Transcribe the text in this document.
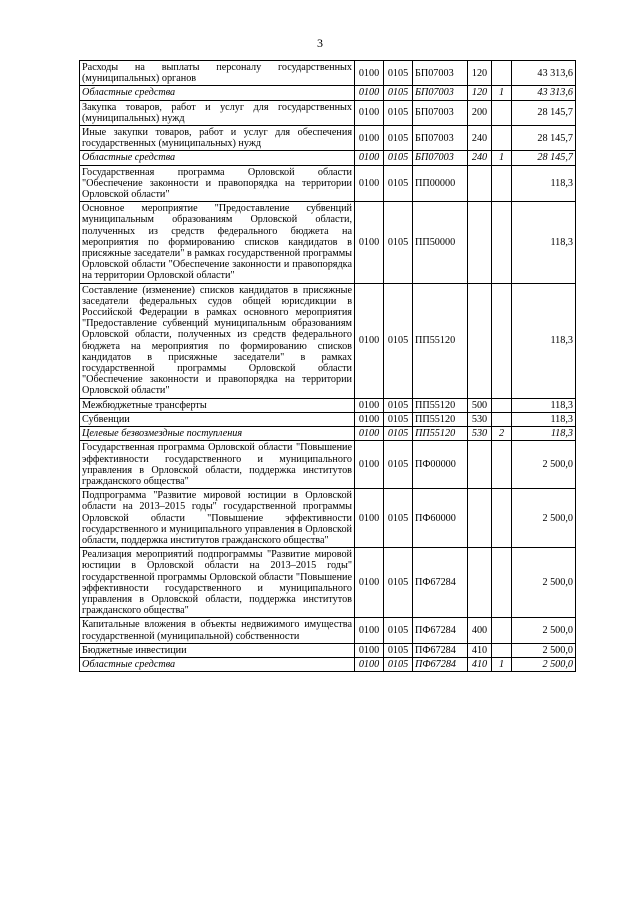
3
Расходы на выплаты персоналу государственных (муниципальных) органов	0100	0105	БП07003	120		43 313,6
Областные средства	0100	0105	БП07003	120	1	43 313,6
Закупка товаров, работ и услуг для государственных (муниципальных) нужд	0100	0105	БП07003	200		28 145,7
Иные закупки товаров, работ и услуг для обеспечения государственных (муниципальных) нужд	0100	0105	БП07003	240		28 145,7
Областные средства	0100	0105	БП07003	240	1	28 145,7
Государственная программа Орловской области "Обеспечение законности и правопорядка на территории Орловской области"	0100	0105	ПП00000			118,3
Основное мероприятие "Предоставление субвенций муниципальным образованиям Орловской области, полученных из средств федерального бюджета на мероприятия по формированию списков кандидатов в присяжные заседатели" в рамках государственной программы Орловской области "Обеспечение законности и правопорядка на территории Орловской области"	0100	0105	ПП50000			118,3
Составление (изменение) списков кандидатов в присяжные заседатели федеральных судов общей юрисдикции в Российской Федерации в рамках основного мероприятия "Предоставление субвенций муниципальным образованиям Орловской области, полученных из средств федерального бюджета на мероприятия по формированию списков кандидатов в присяжные заседатели" в рамках государственной программы Орловской области "Обеспечение законности и правопорядка на территории Орловской области"	0100	0105	ПП55120			118,3
Межбюджетные трансферты	0100	0105	ПП55120	500		118,3
Субвенции	0100	0105	ПП55120	530		118,3
Целевые безвозмездные поступления	0100	0105	ПП55120	530	2	118,3
Государственная программа Орловской области "Повышение эффективности государственного и муниципального управления в Орловской области, поддержка институтов гражданского общества"	0100	0105	ПФ00000			2 500,0
Подпрограмма "Развитие мировой юстиции в Орловской области на 2013–2015 годы" государственной программы Орловской области "Повышение эффективности государственного и муниципального управления в Орловской области, поддержка институтов гражданского общества"	0100	0105	ПФ60000			2 500,0
Реализация мероприятий подпрограммы "Развитие мировой юстиции в Орловской области на 2013–2015 годы" государственной программы Орловской области "Повышение эффективности государственного и муниципального управления в Орловской области, поддержка институтов гражданского общества"	0100	0105	ПФ67284			2 500,0
Капитальные вложения в объекты недвижимого имущества государственной (муниципальной) собственности	0100	0105	ПФ67284	400		2 500,0
Бюджетные инвестиции	0100	0105	ПФ67284	410		2 500,0
Областные средства	0100	0105	ПФ67284	410	1	2 500,0
